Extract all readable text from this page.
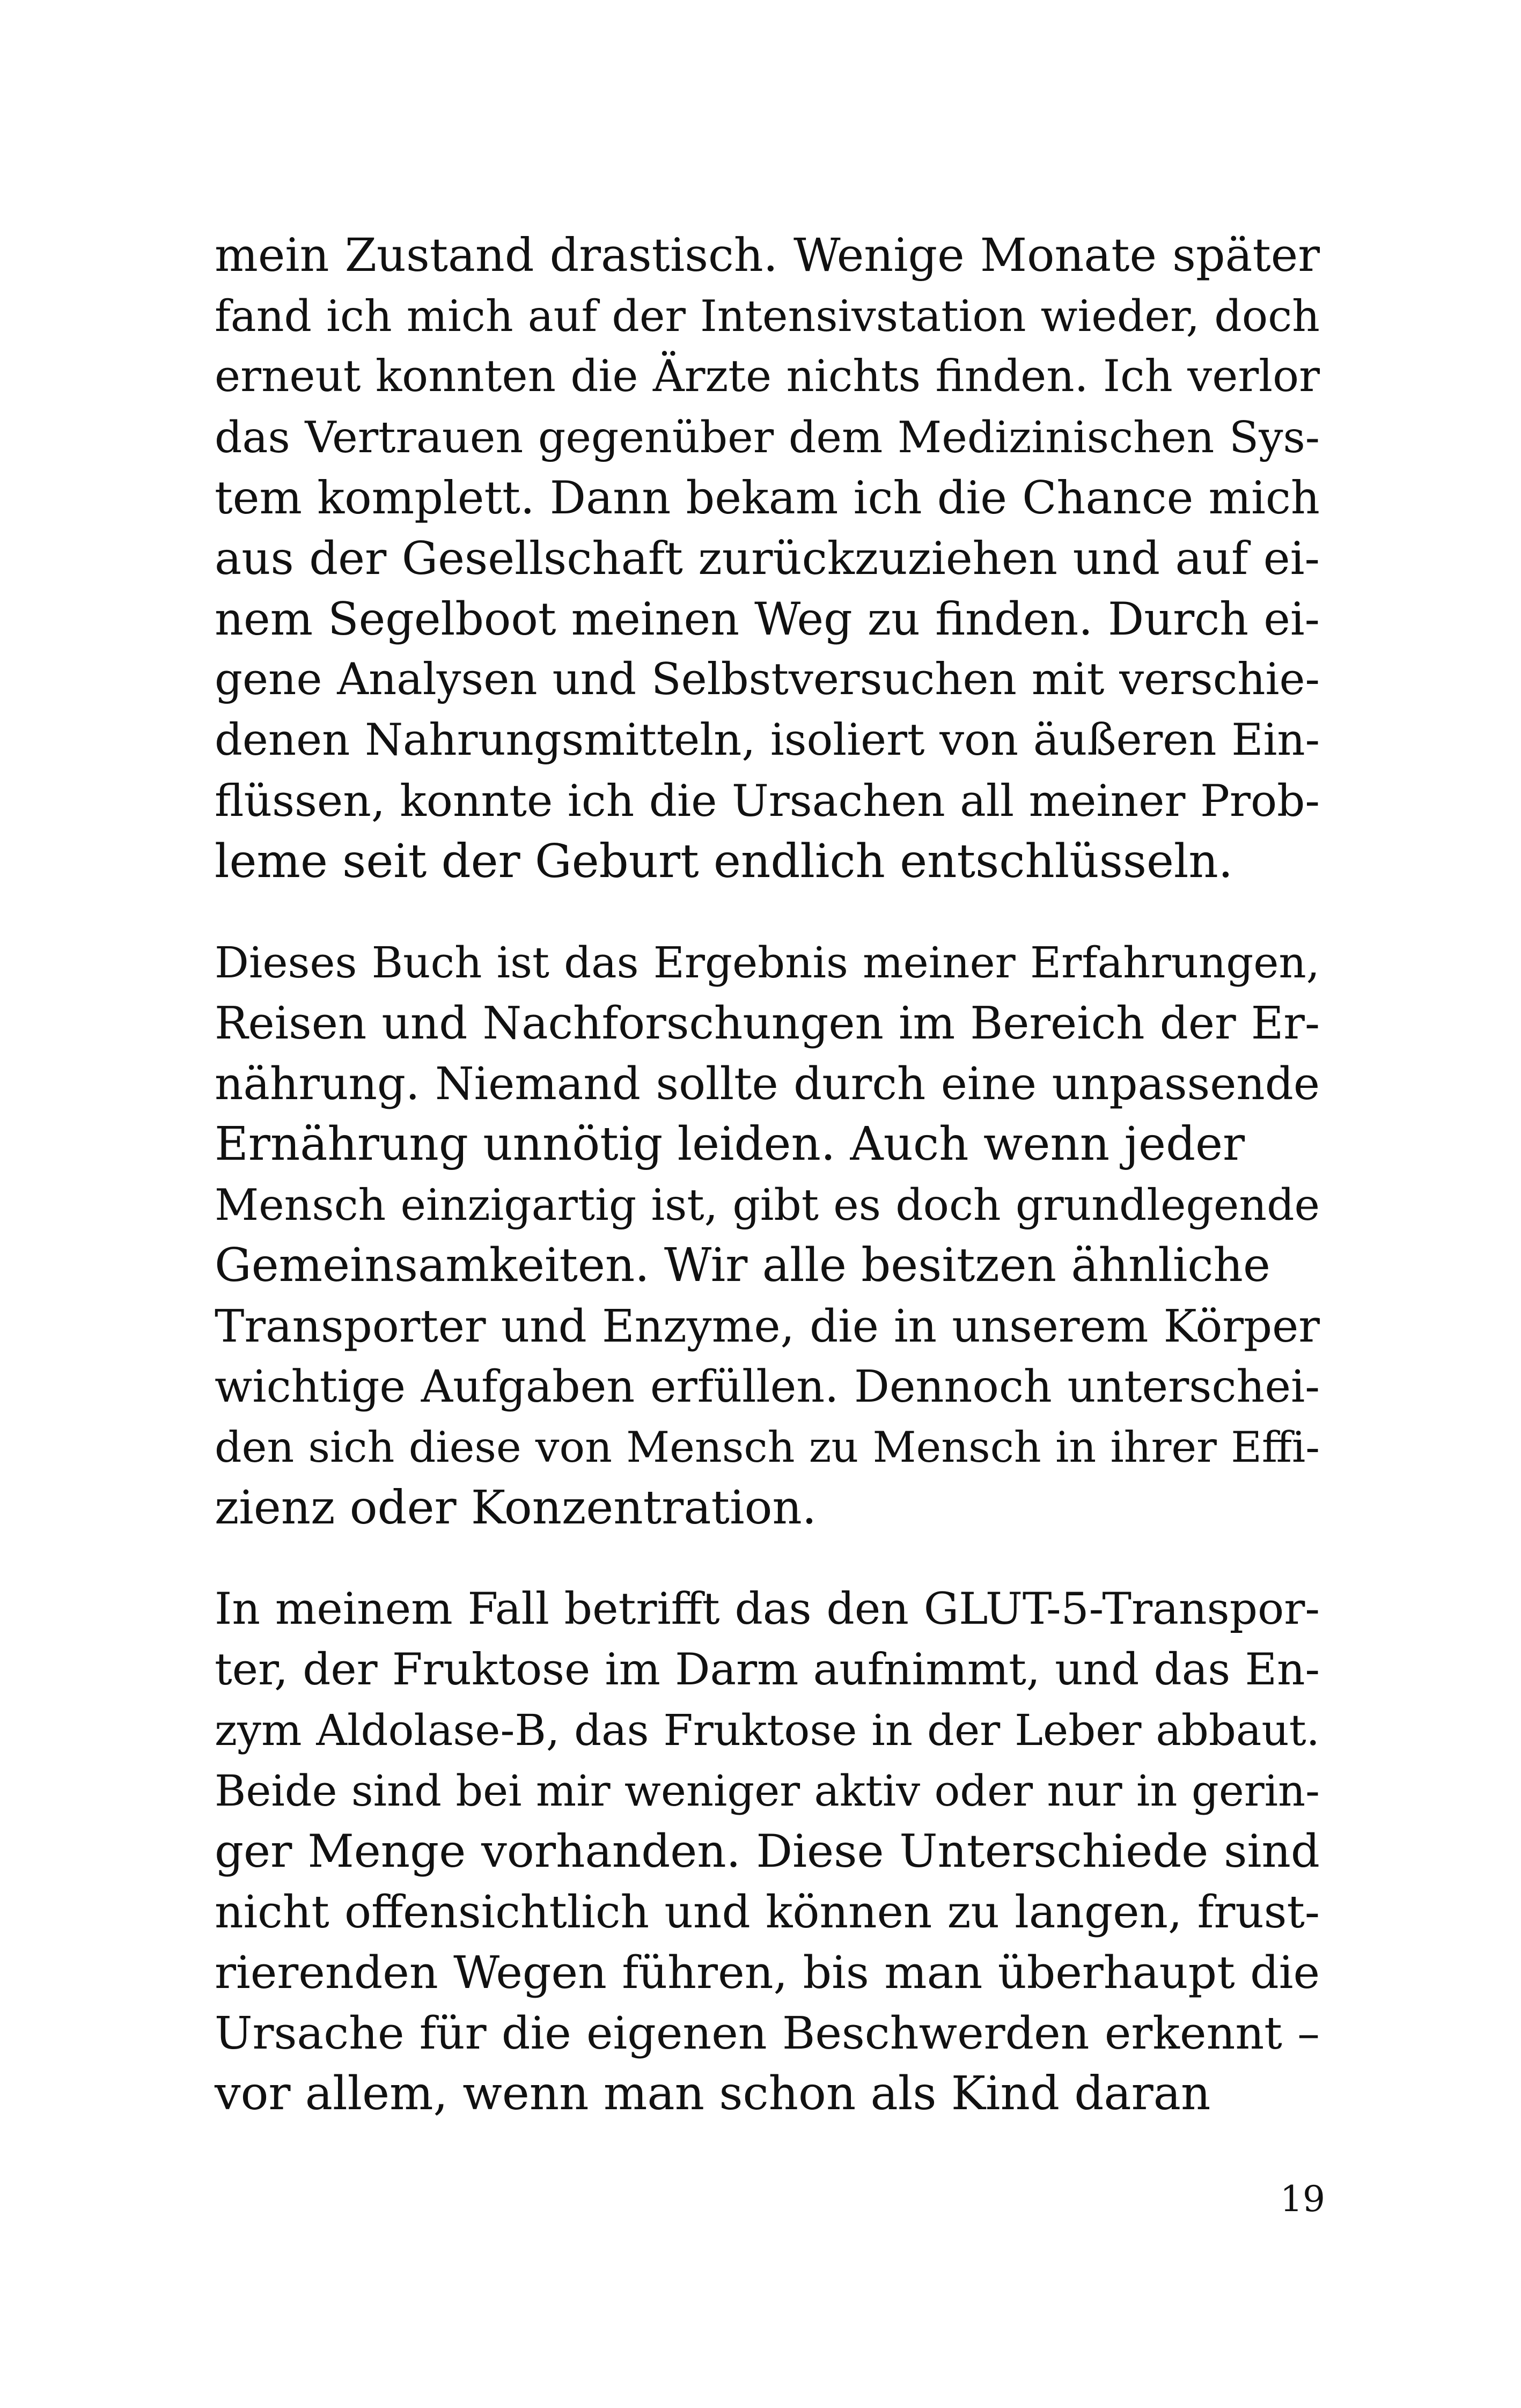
mein Zustand drastisch. Wenige Monate später
fand ich mich auf der Intensivstation wieder, doch
erneut konnten die Ärzte nichts finden. Ich verlor
das Vertrauen gegenüber dem Medizinischen Sys-
tem komplett. Dann bekam ich die Chance mich
aus der Gesellschaft zurückzuziehen und auf ei-
nem Segelboot meinen Weg zu finden. Durch ei-
gene Analysen und Selbstversuchen mit verschie-
denen Nahrungsmitteln, isoliert von äußeren Ein-
flüssen, konnte ich die Ursachen all meiner Prob-
leme seit der Geburt endlich entschlüsseln.

Dieses Buch ist das Ergebnis meiner Erfahrungen,
Reisen und Nachforschungen im Bereich der Er-
nährung. Niemand sollte durch eine unpassende
Ernährung unnötig leiden. Auch wenn jeder
Mensch einzigartig ist, gibt es doch grundlegende
Gemeinsamkeiten. Wir alle besitzen ähnliche
Transporter und Enzyme, die in unserem Körper
wichtige Aufgaben erfüllen. Dennoch unterschei-
den sich diese von Mensch zu Mensch in ihrer Effi-
zienz oder Konzentration.

In meinem Fall betrifft das den GLUT-5-Transpor-
ter, der Fruktose im Darm aufnimmt, und das En-
zym Aldolase-B, das Fruktose in der Leber abbaut.
Beide sind bei mir weniger aktiv oder nur in gerin-
ger Menge vorhanden. Diese Unterschiede sind
nicht offensichtlich und können zu langen, frust-
rierenden Wegen führen, bis man überhaupt die
Ursache für die eigenen Beschwerden erkennt –
vor allem, wenn man schon als Kind daran

19
